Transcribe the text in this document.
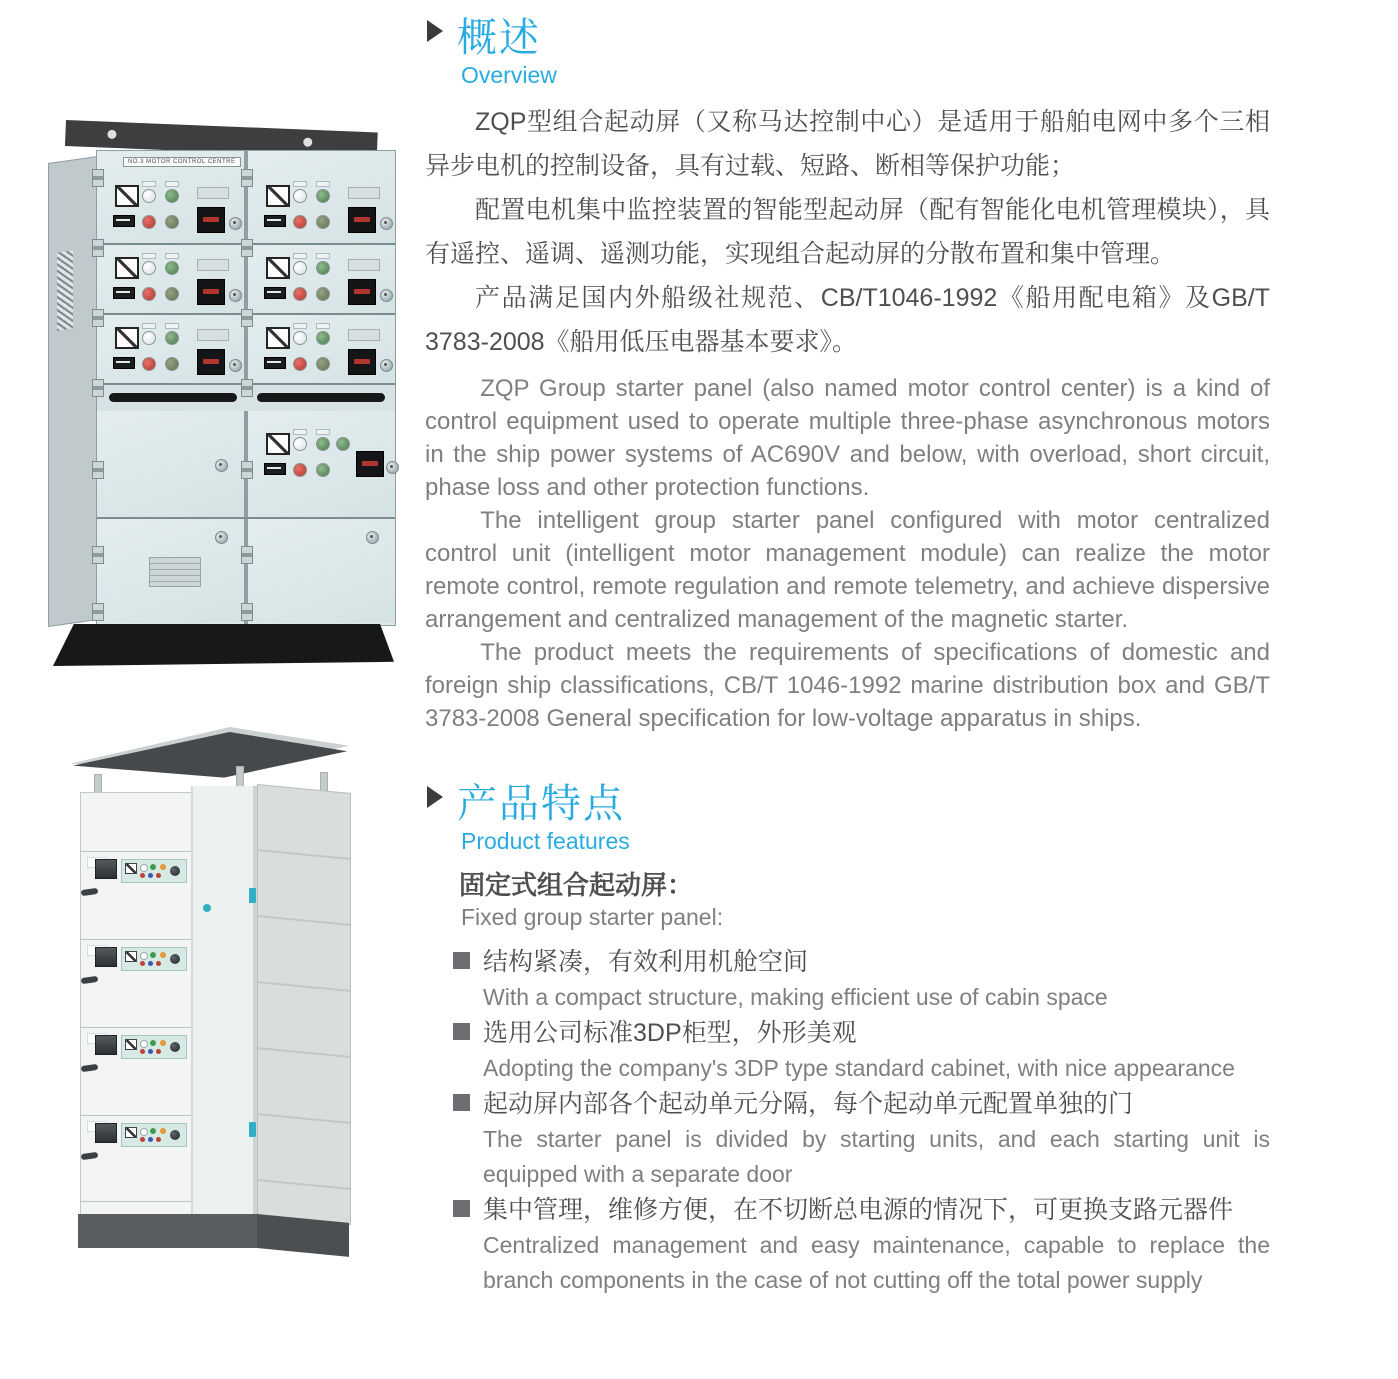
NO.3 MOTOR CONTROL CENTRE
概述
Overview

ZQP型组合起动屏（又称马达控制中心）是适用于船舶电网中多个三相异步电机的控制设备，具有过载、短路、断相等保护功能；

配置电机集中监控装置的智能型起动屏（配有智能化电机管理模块），具有遥控、遥调、遥测功能，实现组合起动屏的分散布置和集中管理。

产品满足国内外船级社规范、CB/T1046-1992《船用配电箱》及GB/T 3783-2008《船用低压电器基本要求》。

ZQP Group starter panel (also named motor control center) is a kind of control equipment used to operate multiple three-phase asynchronous motors in the ship power systems of AC690V and below, with overload, short circuit, phase loss and other protection functions.

The intelligent group starter panel configured with motor centralized control unit (intelligent motor management module) can realize the motor remote control, remote regulation and remote telemetry, and achieve dispersive arrangement and centralized management of the magnetic starter.

The product meets the requirements of specifications of domestic and foreign ship classifications, CB/T 1046-1992 marine distribution box and GB/T 3783-2008 General specification for low-voltage apparatus in ships.

产品特点
Product features

固定式组合起动屏：

Fixed group starter panel:

结构紧凑，有效利用机舱空间
With a compact structure, making efficient use of cabin space
选用公司标准3DP柜型，外形美观
Adopting the company's 3DP type standard cabinet, with nice appearance
起动屏内部各个起动单元分隔，每个起动单元配置单独的门
The starter panel is divided by starting units, and each starting unit is equipped with a separate door
集中管理，维修方便，在不切断总电源的情况下，可更换支路元器件
Centralized management and easy maintenance, capable to replace the branch components in the case of not cutting off the total power supply
